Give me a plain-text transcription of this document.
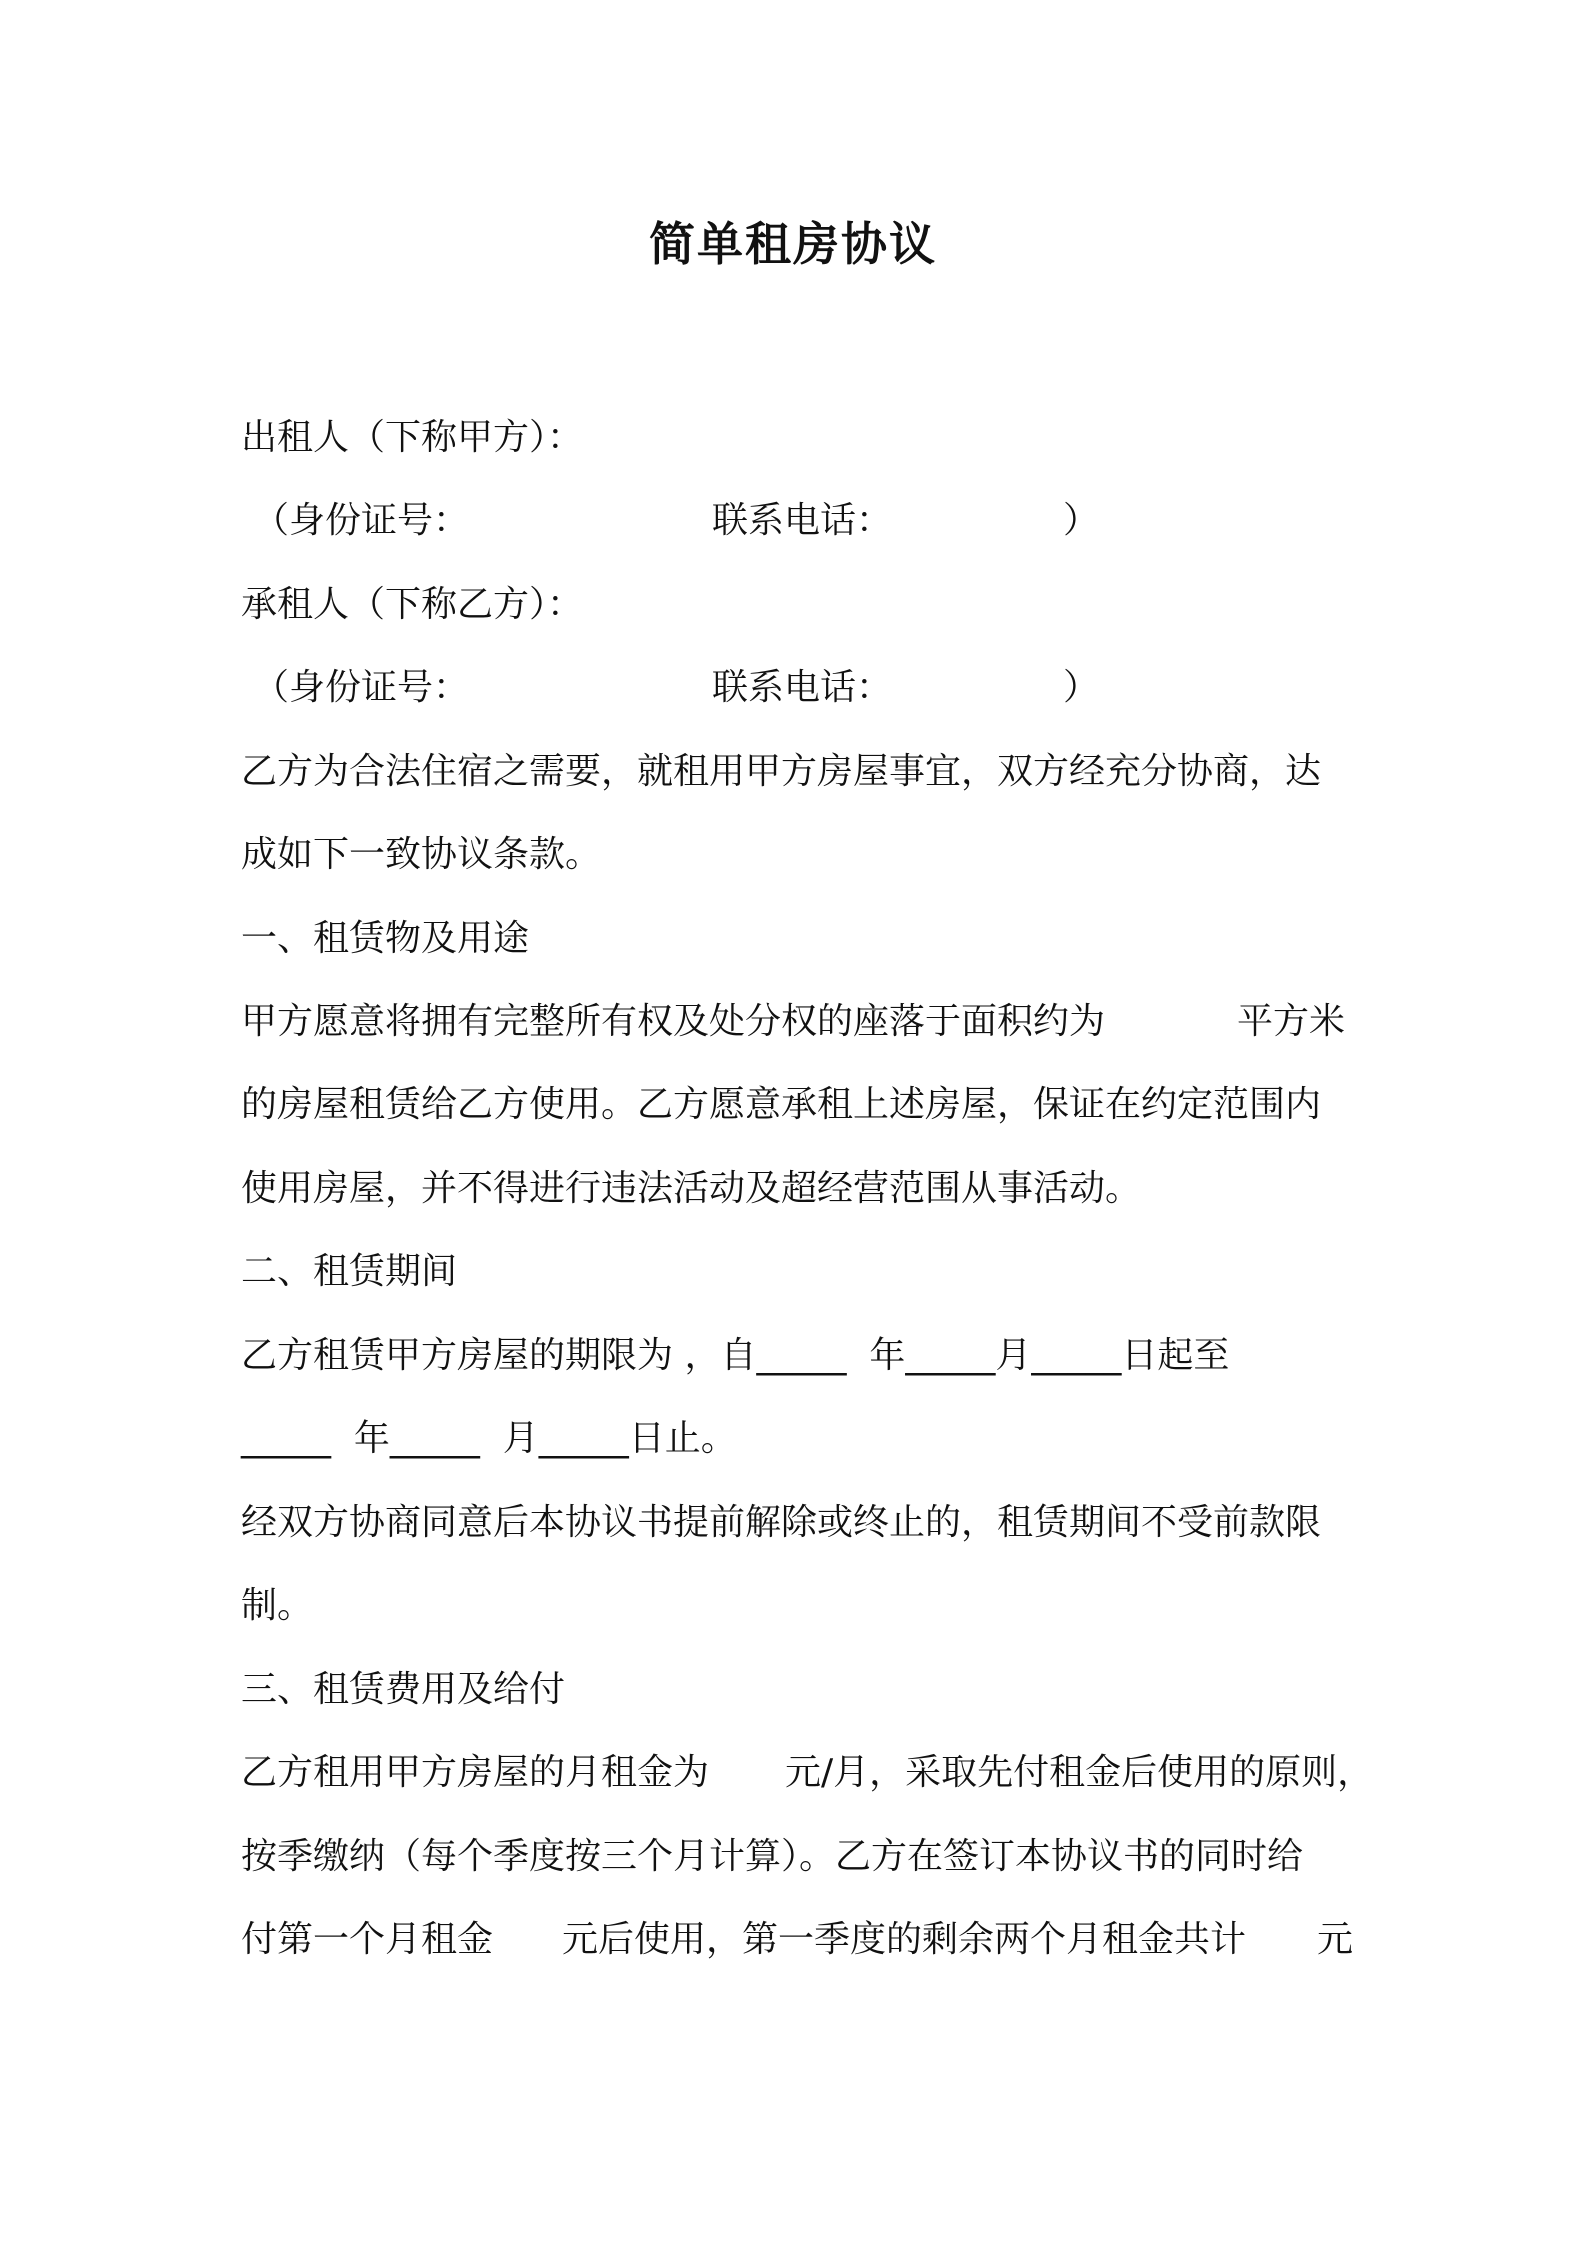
简单租房协议
出租人（下称甲方）：
（身份证号：	联系电话：	）
承租人（下称乙方）：
（身份证号：	联系电话：	）
乙方为合法住宿之需要，就租用甲方房屋事宜，双方经充分协商，达
成如下一致协议条款。
一、租赁物及用途
甲方愿意将拥有完整所有权及处分权的座落于面积约为	平方米
的房屋租赁给乙方使用。乙方愿意承租上述房屋，保证在约定范围内
使用房屋，并不得进行违法活动及超经营范围从事活动。
二、租赁期间
乙方租赁甲方房屋的期限为 ，自_____  年_____月_____日起至
_____  年_____  月_____日止。
经双方协商同意后本协议书提前解除或终止的，租赁期间不受前款限
制。
三、租赁费用及给付
乙方租用甲方房屋的月租金为 元/月，采取先付租金后使用的原则，
按季缴纳（每个季度按三个月计算）。乙方在签订本协议书的同时给
付第一个月租金 元后使用，第一季度的剩余两个月租金共计 元
